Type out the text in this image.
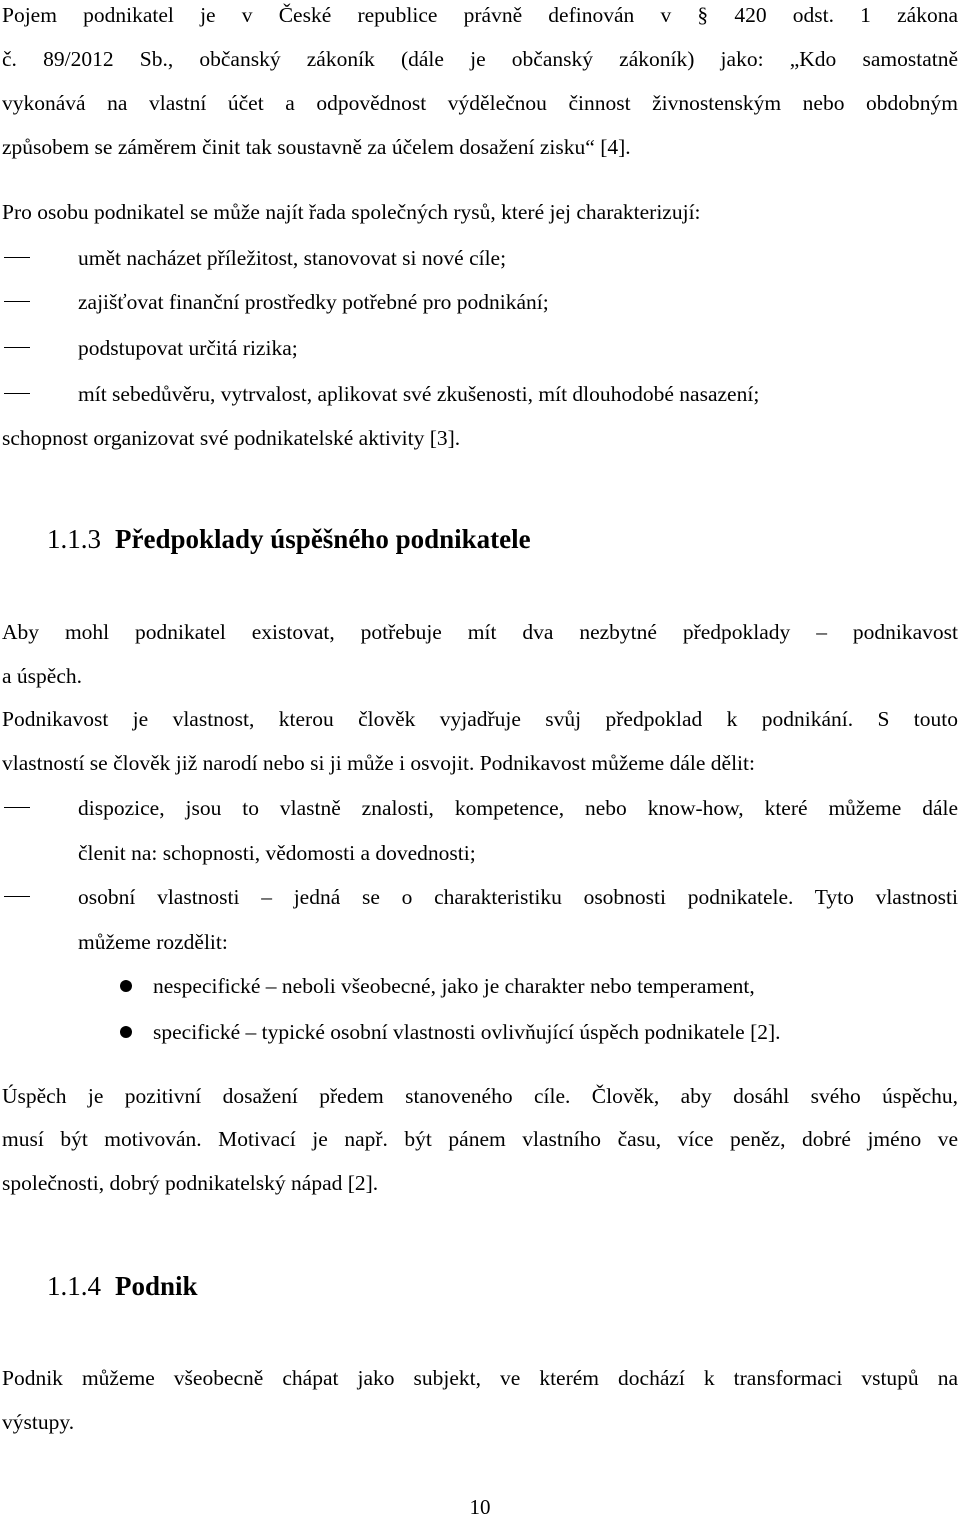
Pojem podnikatel je v České republice právně definován v § 420 odst. 1 zákona
č. 89/2012 Sb., občanský zákoník (dále je občanský zákoník) jako: „Kdo samostatně
vykonává na vlastní účet a odpovědnost výdělečnou činnost živnostenským nebo obdobným
způsobem se záměrem činit tak soustavně za účelem dosažení zisku“ [4].
Pro osobu podnikatel se může najít řada společných rysů, které jej charakterizují:
umět nacházet příležitost, stanovovat si nové cíle;
zajišťovat finanční prostředky potřebné pro podnikání;
podstupovat určitá rizika;
mít sebedůvěru, vytrvalost, aplikovat své zkušenosti, mít dlouhodobé nasazení;
schopnost organizovat své podnikatelské aktivity [3].
1.1.3 Předpoklady úspěšného podnikatele
Aby mohl podnikatel existovat, potřebuje mít dva nezbytné předpoklady – podnikavost
a úspěch.
Podnikavost je vlastnost, kterou člověk vyjadřuje svůj předpoklad k podnikání. S touto
vlastností se člověk již narodí nebo si ji může i osvojit. Podnikavost můžeme dále dělit:
dispozice, jsou to vlastně znalosti, kompetence, nebo know-how, které můžeme dále
členit na: schopnosti, vědomosti a dovednosti;
osobní vlastnosti – jedná se o charakteristiku osobnosti podnikatele. Tyto vlastnosti
můžeme rozdělit:
nespecifické – neboli všeobecné, jako je charakter nebo temperament,
specifické – typické osobní vlastnosti ovlivňující úspěch podnikatele [2].
Úspěch je pozitivní dosažení předem stanoveného cíle. Člověk, aby dosáhl svého úspěchu,
musí být motivován. Motivací je např. být pánem vlastního času, více peněz, dobré jméno ve
společnosti, dobrý podnikatelský nápad [2].
1.1.4 Podnik
Podnik můžeme všeobecně chápat jako subjekt, ve kterém dochází k transformaci vstupů na
výstupy.
10
